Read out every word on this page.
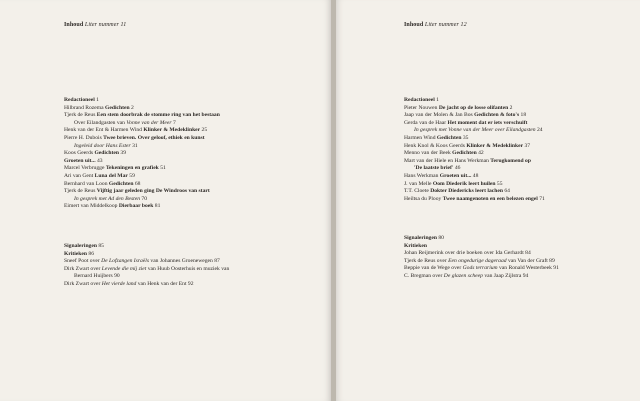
Inhoud Liter nummer 11
Redactioneel 1
Hilbrand Rozema Gedichten 2
Tjerk de Reus Een stem doorbrak de stomme ring van het bestaan
Over Eilandgasten van Vonne van der Meer 7
Henk van der Ent & Harmen Wind Klinker & Medeklinker 25
Pierre H. Dubois Twee brieven. Over geloof, ethiek en kunst
Ingeleid door Hans Ester 31
Koos Geerds Gedichten 39
Groeten uit... 43
Marcel Verbrugge Tekeningen en grafiek 51
Ari van Gent Luna del Mar 59
Bernhard van Loon Gedichten 68
Tjerk de Reus Vijftig jaar geleden ging De Windroos van start
In gesprek met Ad den Besten 70
Eimert van Middelkoop Dierbaar boek 81
Signaleringen 85
Kritieken 86
Sneef Poot over De Lofzangen Israëls van Johannes Groenewegen 87
Dirk Zwart over Levende die mij ziet van Huub Oosterhuis en muziek van
Bernard Huijbers 90
Dirk Zwart over Het vierde land van Henk van der Ent 92
Inhoud Liter nummer 12
Redactioneel 1
Pieter Nouwen De jacht op de losse olifanten 2
Jaap van der Molen & Jan Bos Gedichten & foto's 18
Gerda van de Haar Het moment dat er iets verschuift
In gesprek met Vonne van der Meer over Eilandgasten 24
Harmen Wind Gedichten 35
Henk Knol & Koos Geerds Klinker & Medeklinker 37
Menno van der Beek Gedichten 42
Mart van der Hiele en Hans Werkman Terugkomend op
'De laatste brief' 46
Hans Werkman Groeten uit... 48
J. van Melle Oom Diederik leert huilen 55
T.T. Cloete Dokter Diedericks leert lachen 64
Heiltsa du Plooy Twee naamgenoten en een belezen engel 71
Signaleringen 80
Kritieken
Johan Reijmerink over drie boeken over Ida Gerhardt 84
Tjerk de Reus over Een ongedurige dageraad van Van der Graft 89
Beppie van de Wege over Gods terrarium van Ronald Westerbeek 91
C. Bregman over De glazen scheep van Jaap Zijlstra 94
